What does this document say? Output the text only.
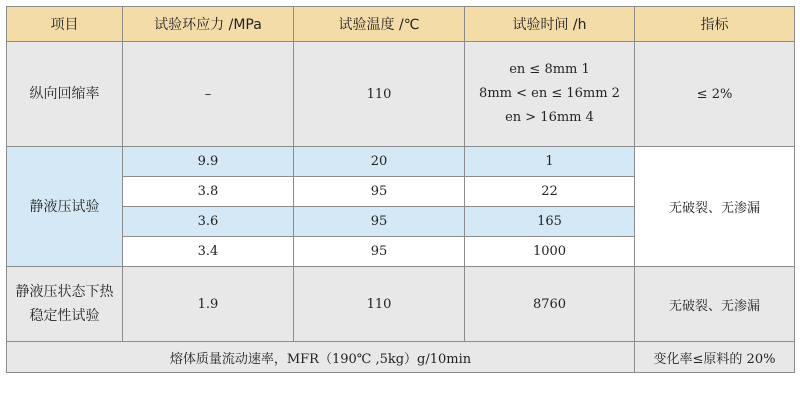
项目	试验环应力 /MPa	试验温度 /℃	试验时间 /h	指标
纵向回缩率	–	110	en ≤ 8mm 1
8mm < en ≤ 16mm 2
en > 16mm 4	≤ 2%
静液压试验	9.9	20	1	无破裂、无渗漏
	3.8	95	22	
	3.6	95	165	
	3.4	95	1000	

静液压状态下热
稳定性试验	1.9	110	8760	无破裂、无渗漏
熔体质量流动速率，MFR（190℃ ,5kg）g/10min				变化率≤原料的 20%
